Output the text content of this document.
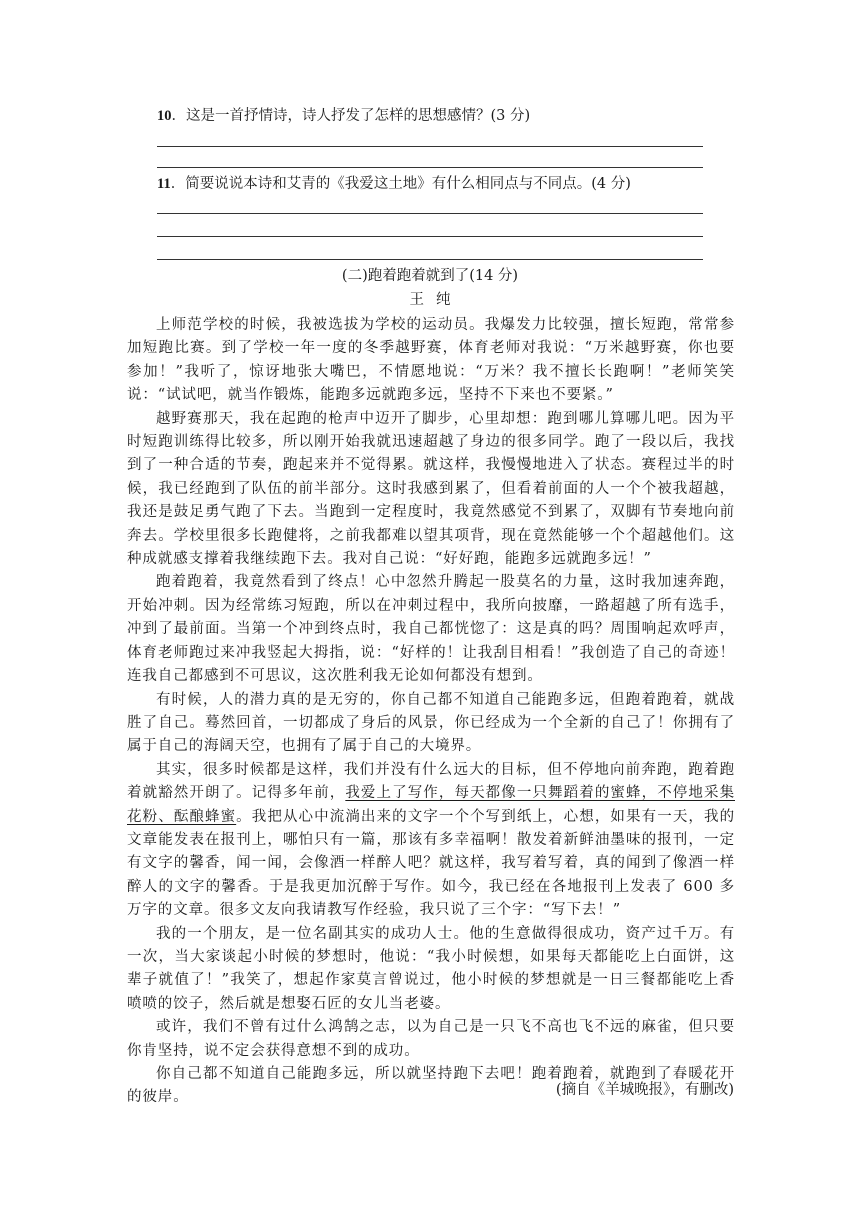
10．这是一首抒情诗，诗人抒发了怎样的思想感情？(3 分)
11．简要说说本诗和艾青的《我爱这土地》有什么相同点与不同点。(4 分)
(二)跑着跑着就到了(14 分)
王纯

上师范学校的时候，我被选拔为学校的运动员。我爆发力比较强，擅长短跑，常常参加短跑比赛。到了学校一年一度的冬季越野赛，体育老师对我说：“万米越野赛，你也要参加！”我听了，惊讶地张大嘴巴，不情愿地说：“万米？我不擅长长跑啊！”老师笑笑说：“试试吧，就当作锻炼，能跑多远就跑多远，坚持不下来也不要紧。”

越野赛那天，我在起跑的枪声中迈开了脚步，心里却想：跑到哪儿算哪儿吧。因为平时短跑训练得比较多，所以刚开始我就迅速超越了身边的很多同学。跑了一段以后，我找到了一种合适的节奏，跑起来并不觉得累。就这样，我慢慢地进入了状态。赛程过半的时候，我已经跑到了队伍的前半部分。这时我感到累了，但看着前面的人一个个被我超越，我还是鼓足勇气跑了下去。当跑到一定程度时，我竟然感觉不到累了，双脚有节奏地向前奔去。学校里很多长跑健将，之前我都难以望其项背，现在竟然能够一个个超越他们。这种成就感支撑着我继续跑下去。我对自己说：“好好跑，能跑多远就跑多远！”

跑着跑着，我竟然看到了终点！心中忽然升腾起一股莫名的力量，这时我加速奔跑，开始冲刺。因为经常练习短跑，所以在冲刺过程中，我所向披靡，一路超越了所有选手，冲到了最前面。当第一个冲到终点时，我自己都恍惚了：这是真的吗？周围响起欢呼声，体育老师跑过来冲我竖起大拇指，说：“好样的！让我刮目相看！”我创造了自己的奇迹！连我自己都感到不可思议，这次胜利我无论如何都没有想到。

有时候，人的潜力真的是无穷的，你自己都不知道自己能跑多远，但跑着跑着，就战胜了自己。蓦然回首，一切都成了身后的风景，你已经成为一个全新的自己了！你拥有了属于自己的海阔天空，也拥有了属于自己的大境界。

其实，很多时候都是这样，我们并没有什么远大的目标，但不停地向前奔跑，跑着跑着就豁然开朗了。记得多年前，我爱上了写作，每天都像一只舞蹈着的蜜蜂，不停地采集花粉、酝酿蜂蜜。我把从心中流淌出来的文字一个个写到纸上，心想，如果有一天，我的文章能发表在报刊上，哪怕只有一篇，那该有多幸福啊！散发着新鲜油墨味的报刊，一定有文字的馨香，闻一闻，会像酒一样醉人吧？就这样，我写着写着，真的闻到了像酒一样醉人的文字的馨香。于是我更加沉醉于写作。如今，我已经在各地报刊上发表了 600 多万字的文章。很多文友向我请教写作经验，我只说了三个字：“写下去！”

我的一个朋友，是一位名副其实的成功人士。他的生意做得很成功，资产过千万。有一次，当大家谈起小时候的梦想时，他说：“我小时候想，如果每天都能吃上白面饼，这辈子就值了！”我笑了，想起作家莫言曾说过，他小时候的梦想就是一日三餐都能吃上香喷喷的饺子，然后就是想娶石匠的女儿当老婆。

或许，我们不曾有过什么鸿鹄之志，以为自己是一只飞不高也飞不远的麻雀，但只要你肯坚持，说不定会获得意想不到的成功。

你自己都不知道自己能跑多远，所以就坚持跑下去吧！跑着跑着，就跑到了春暖花开的彼岸。	(摘自《羊城晚报》，有删改)
